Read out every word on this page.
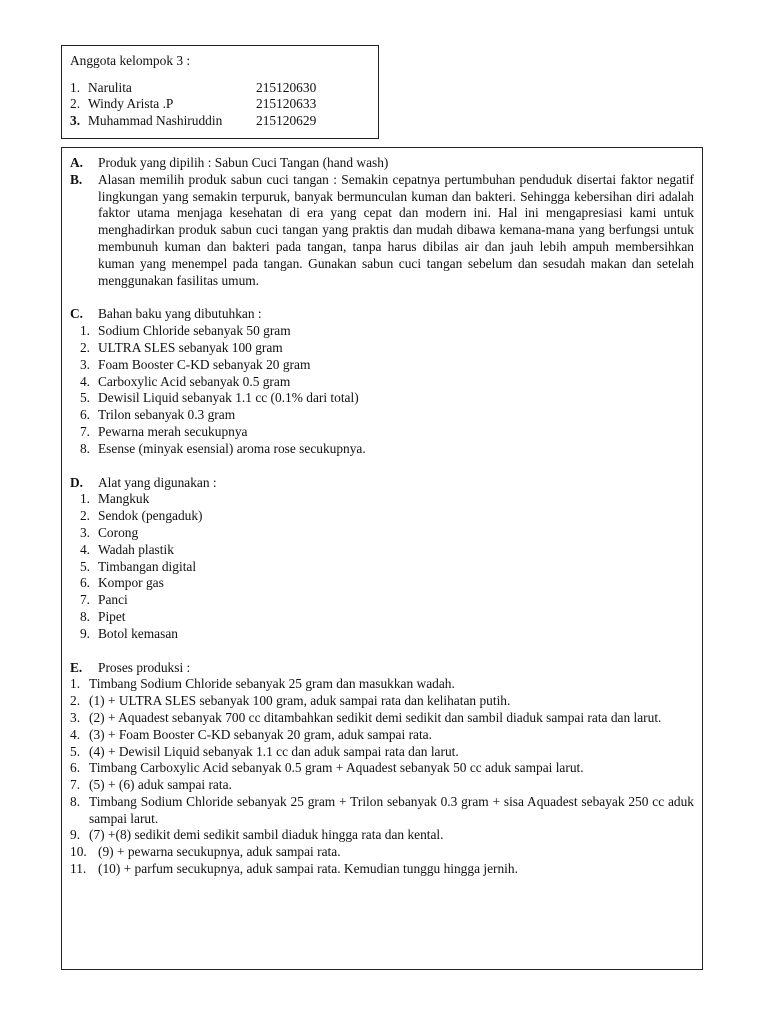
Anggota kelompok 3 :
1. Narulita	215120630
2. Windy Arista .P	215120633
3. Muhammad Nashiruddin	215120629
A.	Produk yang dipilih : Sabun Cuci Tangan (hand wash)
B.	Alasan memilih produk sabun cuci tangan : Semakin cepatnya pertumbuhan penduduk disertai faktor negatif lingkungan yang semakin terpuruk, banyak bermunculan kuman dan bakteri. Sehingga kebersihan diri adalah faktor utama menjaga kesehatan di era yang cepat dan modern ini. Hal ini mengapresiasi kami untuk menghadirkan produk sabun cuci tangan yang praktis dan mudah dibawa kemana-mana yang berfungsi untuk membunuh kuman dan bakteri pada tangan, tanpa harus dibilas air dan jauh lebih ampuh membersihkan kuman yang menempel pada tangan. Gunakan sabun cuci tangan sebelum dan sesudah makan dan setelah menggunakan fasilitas umum.
C.	Bahan baku yang dibutuhkan :
1. Sodium Chloride sebanyak 50 gram
2. ULTRA SLES sebanyak 100 gram
3. Foam Booster C-KD sebanyak 20 gram
4. Carboxylic Acid sebanyak 0.5 gram
5. Dewisil Liquid sebanyak 1.1 cc (0.1% dari total)
6. Trilon sebanyak 0.3 gram
7. Pewarna merah secukupnya
8. Esense (minyak esensial) aroma rose secukupnya.
D.	Alat yang digunakan :
1. Mangkuk
2. Sendok (pengaduk)
3. Corong
4. Wadah plastik
5. Timbangan digital
6. Kompor gas
7. Panci
8. Pipet
9. Botol kemasan
E.	Proses produksi :
1. Timbang Sodium Chloride sebanyak 25 gram dan masukkan wadah.
2. (1) + ULTRA SLES sebanyak 100 gram, aduk sampai rata dan kelihatan putih.
3. (2) + Aquadest sebanyak 700 cc ditambahkan sedikit demi sedikit dan sambil diaduk sampai rata dan larut.
4. (3) + Foam Booster C-KD sebanyak 20 gram, aduk sampai rata.
5. (4) + Dewisil Liquid sebanyak 1.1 cc dan aduk sampai rata dan larut.
6. Timbang Carboxylic Acid sebanyak 0.5 gram + Aquadest sebanyak 50 cc aduk sampai larut.
7. (5) + (6) aduk sampai rata.
8. Timbang Sodium Chloride sebanyak 25 gram + Trilon sebanyak 0.3 gram + sisa Aquadest sebayak 250 cc aduk sampai larut.
9. (7) +(8) sedikit demi sedikit sambil diaduk hingga rata dan kental.
10. (9) + pewarna secukupnya, aduk sampai rata.
11. (10) + parfum secukupnya, aduk sampai rata. Kemudian tunggu hingga jernih.
